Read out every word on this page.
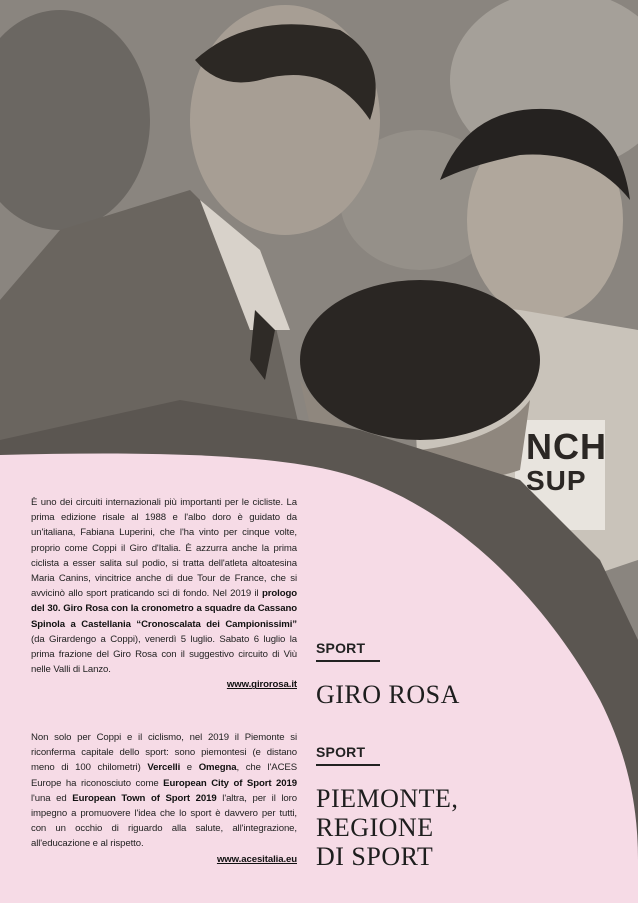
NCH
SUP
È uno dei circuiti internazionali più importanti per le cicliste. La prima edizione risale al 1988 e l'albo doro è guidato da un'italiana, Fabiana Luperini, che l'ha vinto per cinque volte, proprio come Coppi il Giro d'Italia. È azzurra anche la prima ciclista a esser salita sul podio, si tratta dell'atleta altoatesina Maria Canins, vincitrice anche di due Tour de France, che si avvicinò allo sport praticando sci di fondo. Nel 2019 il prologo del 30. Giro Rosa con la cronometro a squadre da Cassano Spinola a Castellania “Cronoscalata dei Campionissimi” (da Girardengo a Coppi), venerdì 5 luglio. Sabato 6 luglio la prima frazione del Giro Rosa con il suggestivo circuito di Viù nelle Valli di Lanzo.
www.girorosa.it
Non solo per Coppi e il ciclismo, nel 2019 il Piemonte si riconferma capitale dello sport: sono piemontesi (e distano meno di 100 chilometri) Vercelli e Omegna, che l'ACES Europe ha riconosciuto come European City of Sport 2019 l'una ed European Town of Sport 2019 l'altra, per il loro impegno a promuovere l'idea che lo sport è davvero per tutti, con un occhio di riguardo alla salute, all'integrazione, all'educazione e al rispetto.
www.acesitalia.eu
SPORT
GIRO ROSA
SPORT
PIEMONTE,
REGIONE
DI SPORT
